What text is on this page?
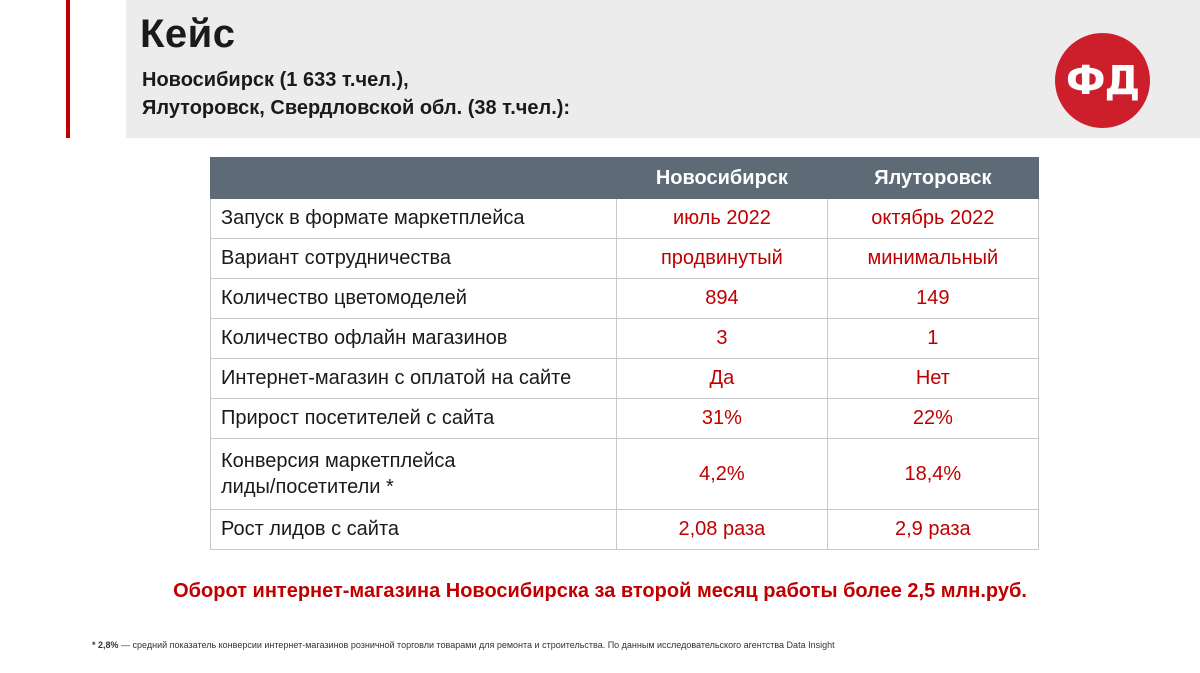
Кейс
Новосибирск (1 633 т.чел.),
Ялуторовск, Свердловской обл. (38 т.чел.):
ФД
	Новосибирск	Ялуторовск
Запуск в формате маркетплейса	июль 2022	октябрь 2022
Вариант сотрудничества	продвинутый	минимальный
Количество цветомоделей	894	149
Количество офлайн магазинов	3	1
Интернет-магазин с оплатой на сайте	Да	Нет
Прирост посетителей с сайта	31%	22%

Конверсия маркетплейса
лиды/посетители *	4,2%	18,4%
Рост лидов с сайта	2,08 раза	2,9 раза
Оборот интернет-магазина Новосибирска за второй месяц работы более 2,5 млн.руб.
* 2,8% — средний показатель конверсии интернет-магазинов розничной торговли товарами для ремонта и строительства. По данным исследовательского агентства Data Insight
